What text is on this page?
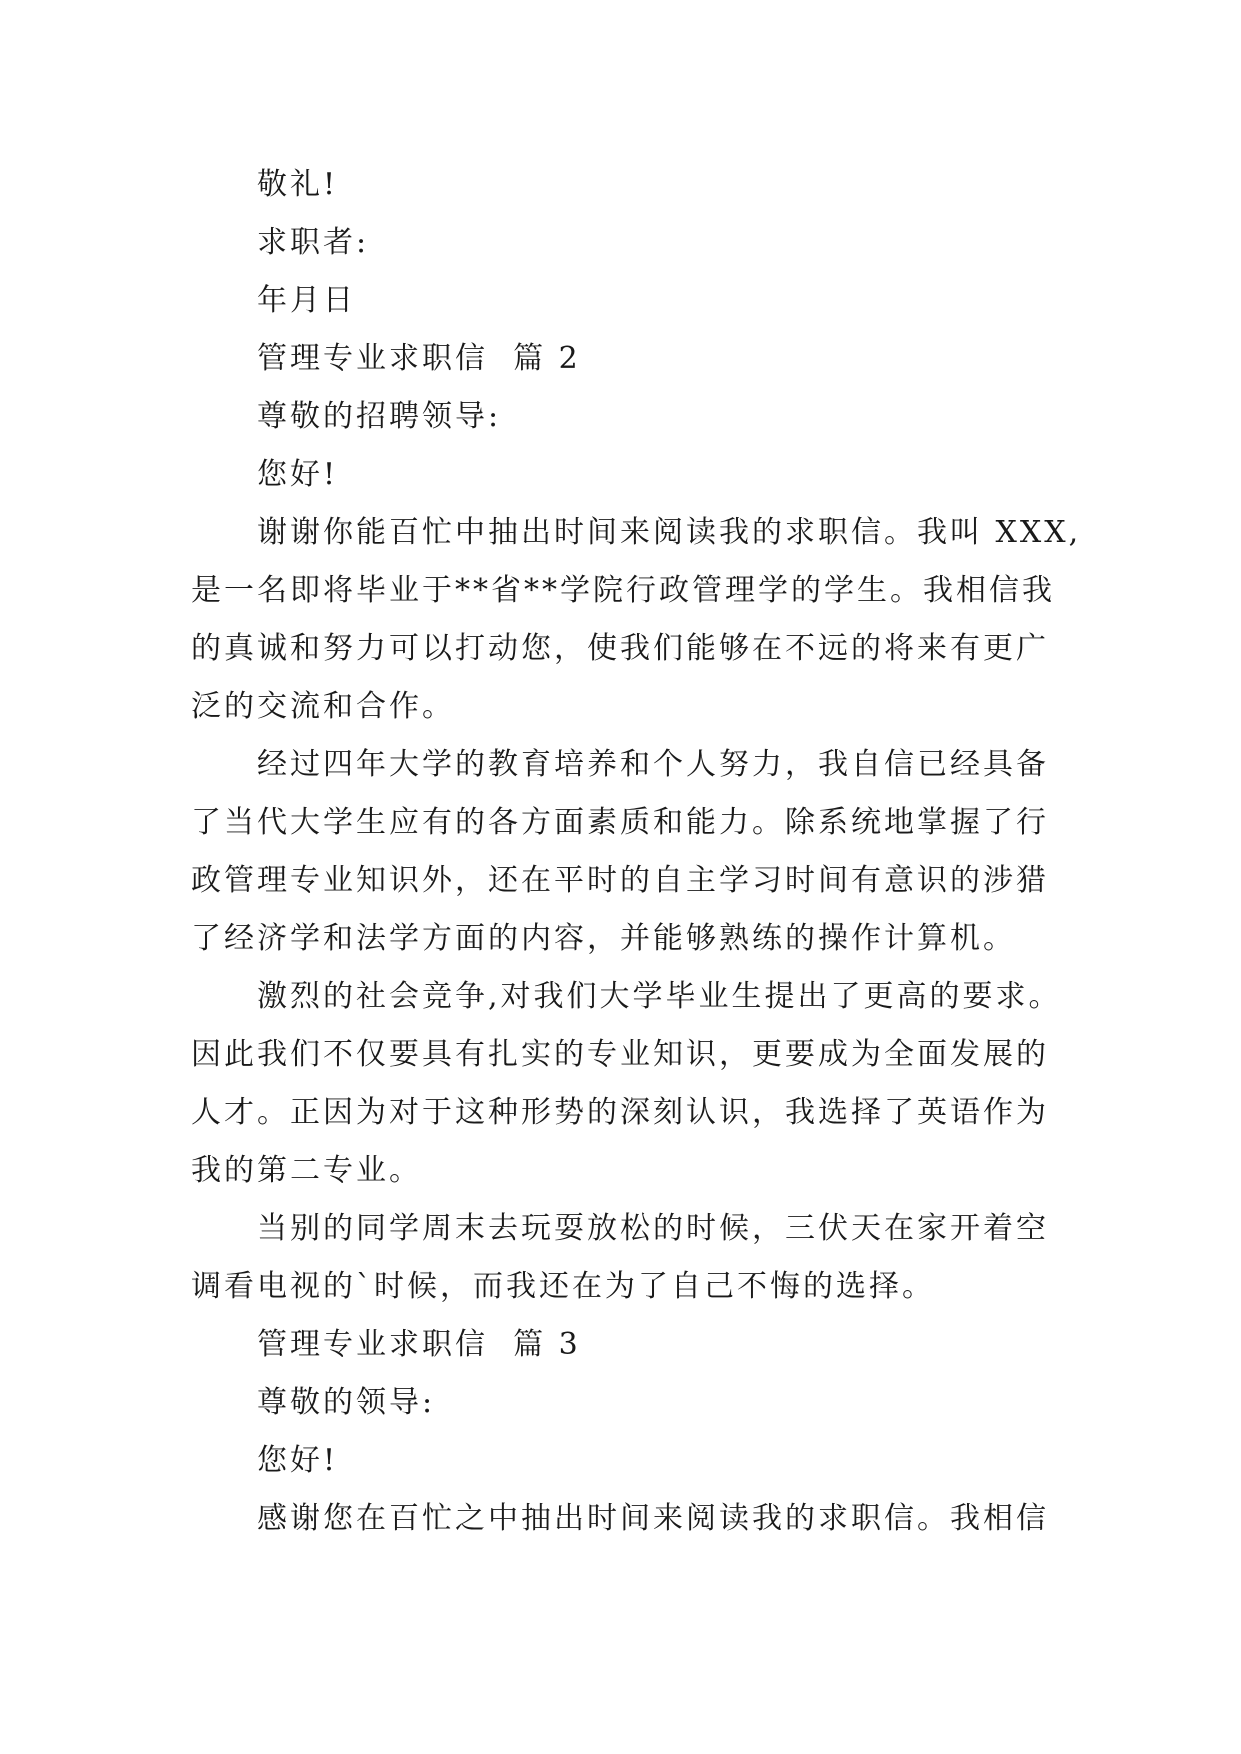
敬礼!

求职者:

年月日

管理专业求职信  篇 2

尊敬的招聘领导:

您好!

谢谢你能百忙中抽出时间来阅读我的求职信。我叫 XXX,

是一名即将毕业于**省**学院行政管理学的学生。我相信我

的真诚和努力可以打动您，使我们能够在不远的将来有更广

泛的交流和合作。

经过四年大学的教育培养和个人努力，我自信已经具备

了当代大学生应有的各方面素质和能力。除系统地掌握了行

政管理专业知识外，还在平时的自主学习时间有意识的涉猎

了经济学和法学方面的内容，并能够熟练的操作计算机。

激烈的社会竞争,对我们大学毕业生提出了更高的要求。

因此我们不仅要具有扎实的专业知识，更要成为全面发展的

人才。正因为对于这种形势的深刻认识，我选择了英语作为

我的第二专业。

当别的同学周末去玩耍放松的时候，三伏天在家开着空

调看电视的`时候，而我还在为了自己不悔的选择。

管理专业求职信  篇 3

尊敬的领导:

您好!

感谢您在百忙之中抽出时间来阅读我的求职信。我相信
